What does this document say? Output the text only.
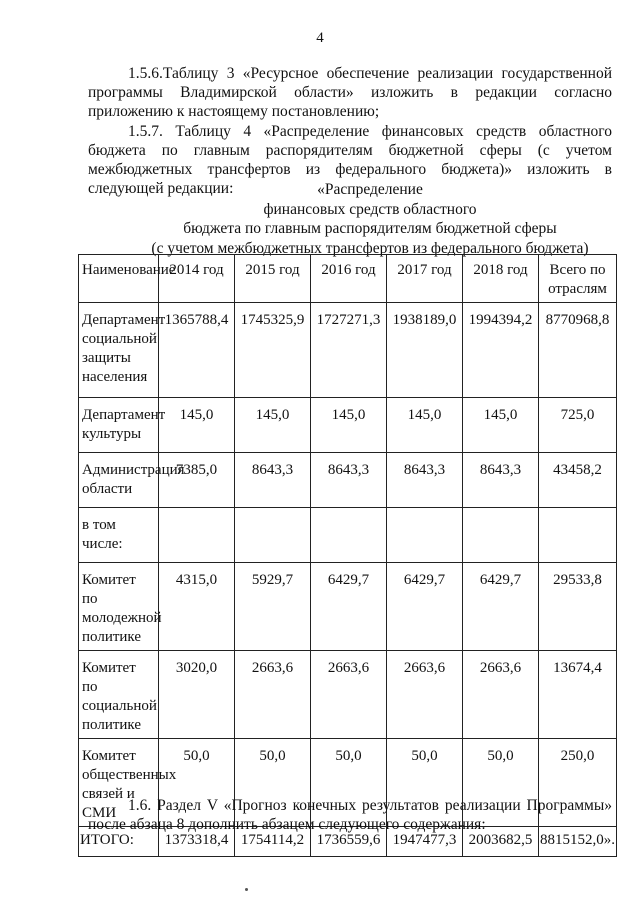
4
1.5.6.Таблицу 3 «Ресурсное обеспечение реализации государственной программы Владимирской области» изложить в редакции согласно приложению к настоящему постановлению;
1.5.7. Таблицу 4 «Распределение финансовых средств областного бюджета по главным распорядителям бюджетной сферы (с учетом межбюджетных трансфертов из федерального бюджета)» изложить в следующей редакции:	«Распределение
финансовых средств областного
бюджета по главным распорядителям бюджетной сферы
(с учетом межбюджетных трансфертов из федерального бюджета)
Наименование	2014 год	2015 год	2016 год	2017 год	2018 год	Всего по отраслям
Департамент социальной защиты населения	1365788,4	1745325,9	1727271,3	1938189,0	1994394,2	8770968,8
Департамент культуры	145,0	145,0	145,0	145,0	145,0	725,0
Администрация области	7385,0	8643,3	8643,3	8643,3	8643,3	43458,2
в том числе:						
Комитет по молодежной политике	4315,0	5929,7	6429,7	6429,7	6429,7	29533,8
Комитет по социальной политике	3020,0	2663,6	2663,6	2663,6	2663,6	13674,4
Комитет общественных связей и СМИ	50,0	50,0	50,0	50,0	50,0	250,0
ИТОГО:	1373318,4	1754114,2	1736559,6	1947477,3	2003682,5	8815152,0».
1.6. Раздел V «Прогноз конечных результатов реализации Программы» после абзаца 8 дополнить абзацем следующего содержания:
